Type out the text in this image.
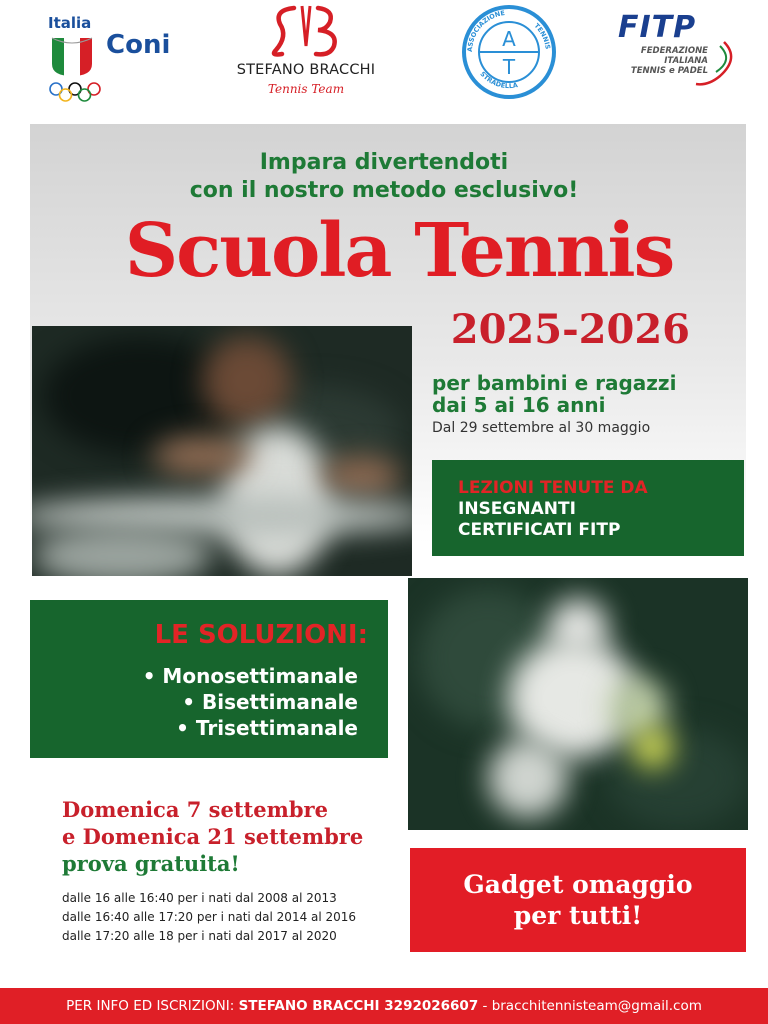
Italia
Coni
STEFANO BRACCHI
Tennis Team
ASSOCIAZIONE
TENNIS
STRADELLA
A
T
FITP
FEDERAZIONE
ITALIANA
TENNIS e PADEL
Impara divertendoti
con il nostro metodo esclusivo!
Scuola Tennis
2025-2026
per bambini e ragazzi
dai 5 ai 16 anni
Dal 29 settembre al 30 maggio
LEZIONI TENUTE DA
INSEGNANTI
CERTIFICATI FITP
LE SOLUZIONI:
• Monosettimanale
• Bisettimanale
• Trisettimanale
Domenica 7 settembre
e Domenica 21 settembre
prova gratuita!
dalle 16 alle 16:40 per i nati dal 2008 al 2013
dalle 16:40 alle 17:20 per i nati dal 2014 al 2016
dalle 17:20 alle 18 per i nati dal 2017 al 2020
Gadget omaggio
per tutti!
PER INFO ED ISCRIZIONI: STEFANO BRACCHI 3292026607 - bracchitennisteam@gmail.com
